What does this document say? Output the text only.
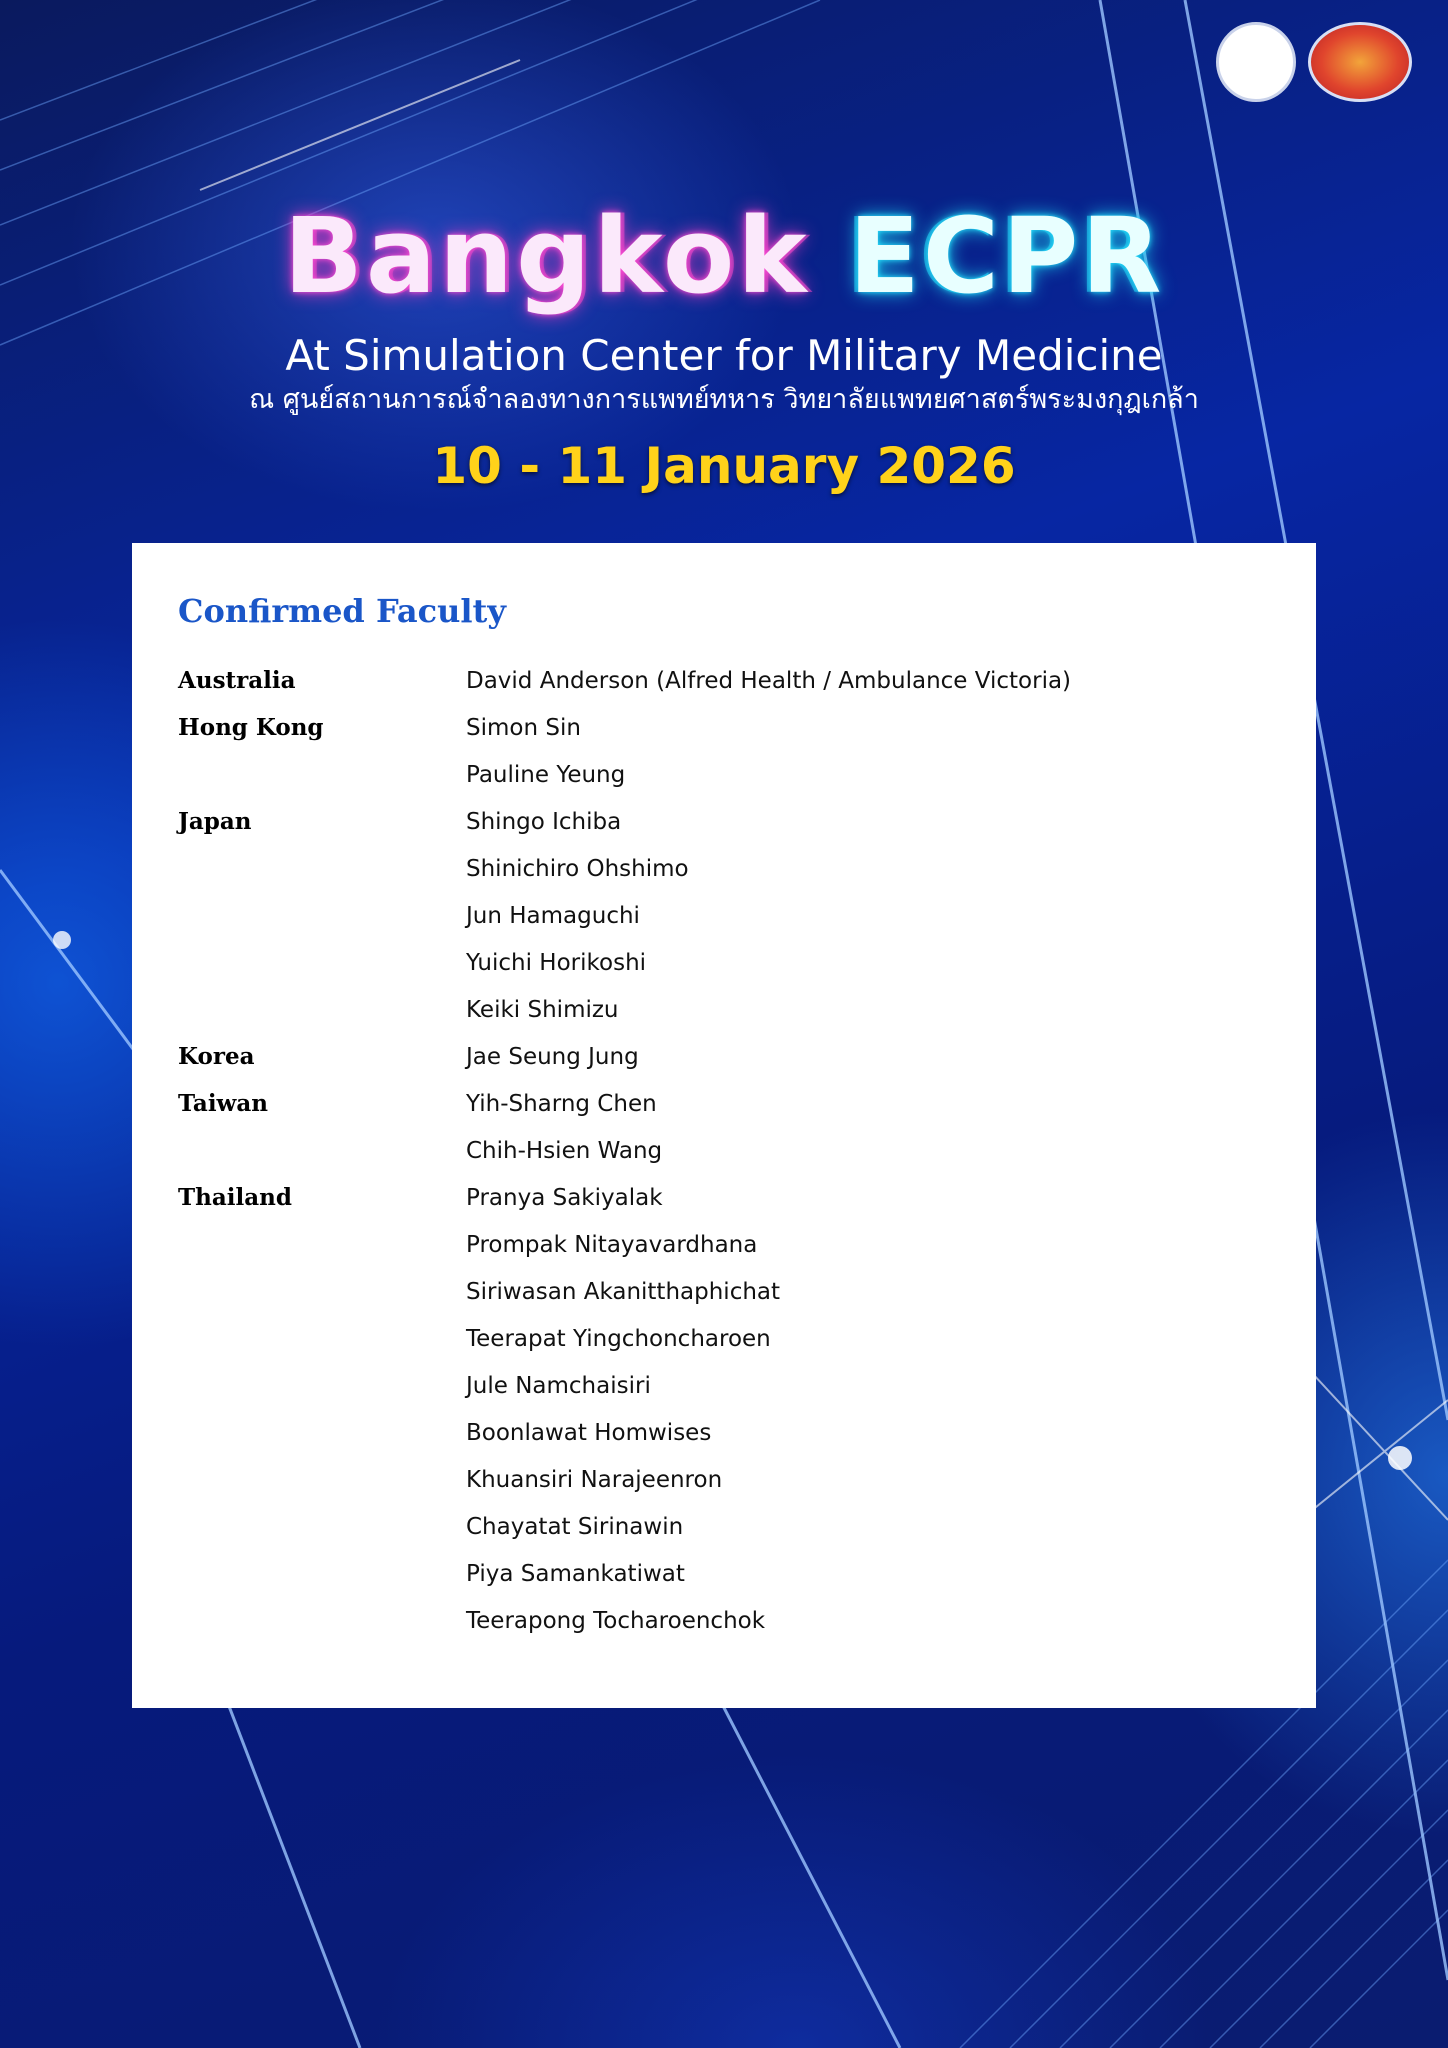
Bangkok ECPR
At Simulation Center for Military Medicine
ณ ศูนย์สถานการณ์จำลองทางการแพทย์ทหาร วิทยาลัยแพทยศาสตร์พระมงกุฎเกล้า
10 - 11 January 2026
Confirmed Faculty
Australia	David Anderson (Alfred Health / Ambulance Victoria)
Hong Kong	Simon Sin
Pauline Yeung
Japan	Shingo Ichiba
Shinichiro Ohshimo
Jun Hamaguchi
Yuichi Horikoshi
Keiki Shimizu
Korea	Jae Seung Jung
Taiwan	Yih-Sharng Chen
Chih-Hsien Wang
Thailand	Pranya Sakiyalak
Prompak Nitayavardhana
Siriwasan Akanitthaphichat
Teerapat Yingchoncharoen
Jule Namchaisiri
Boonlawat Homwises
Khuansiri Narajeenron
Chayatat Sirinawin
Piya Samankatiwat
Teerapong Tocharoenchok
